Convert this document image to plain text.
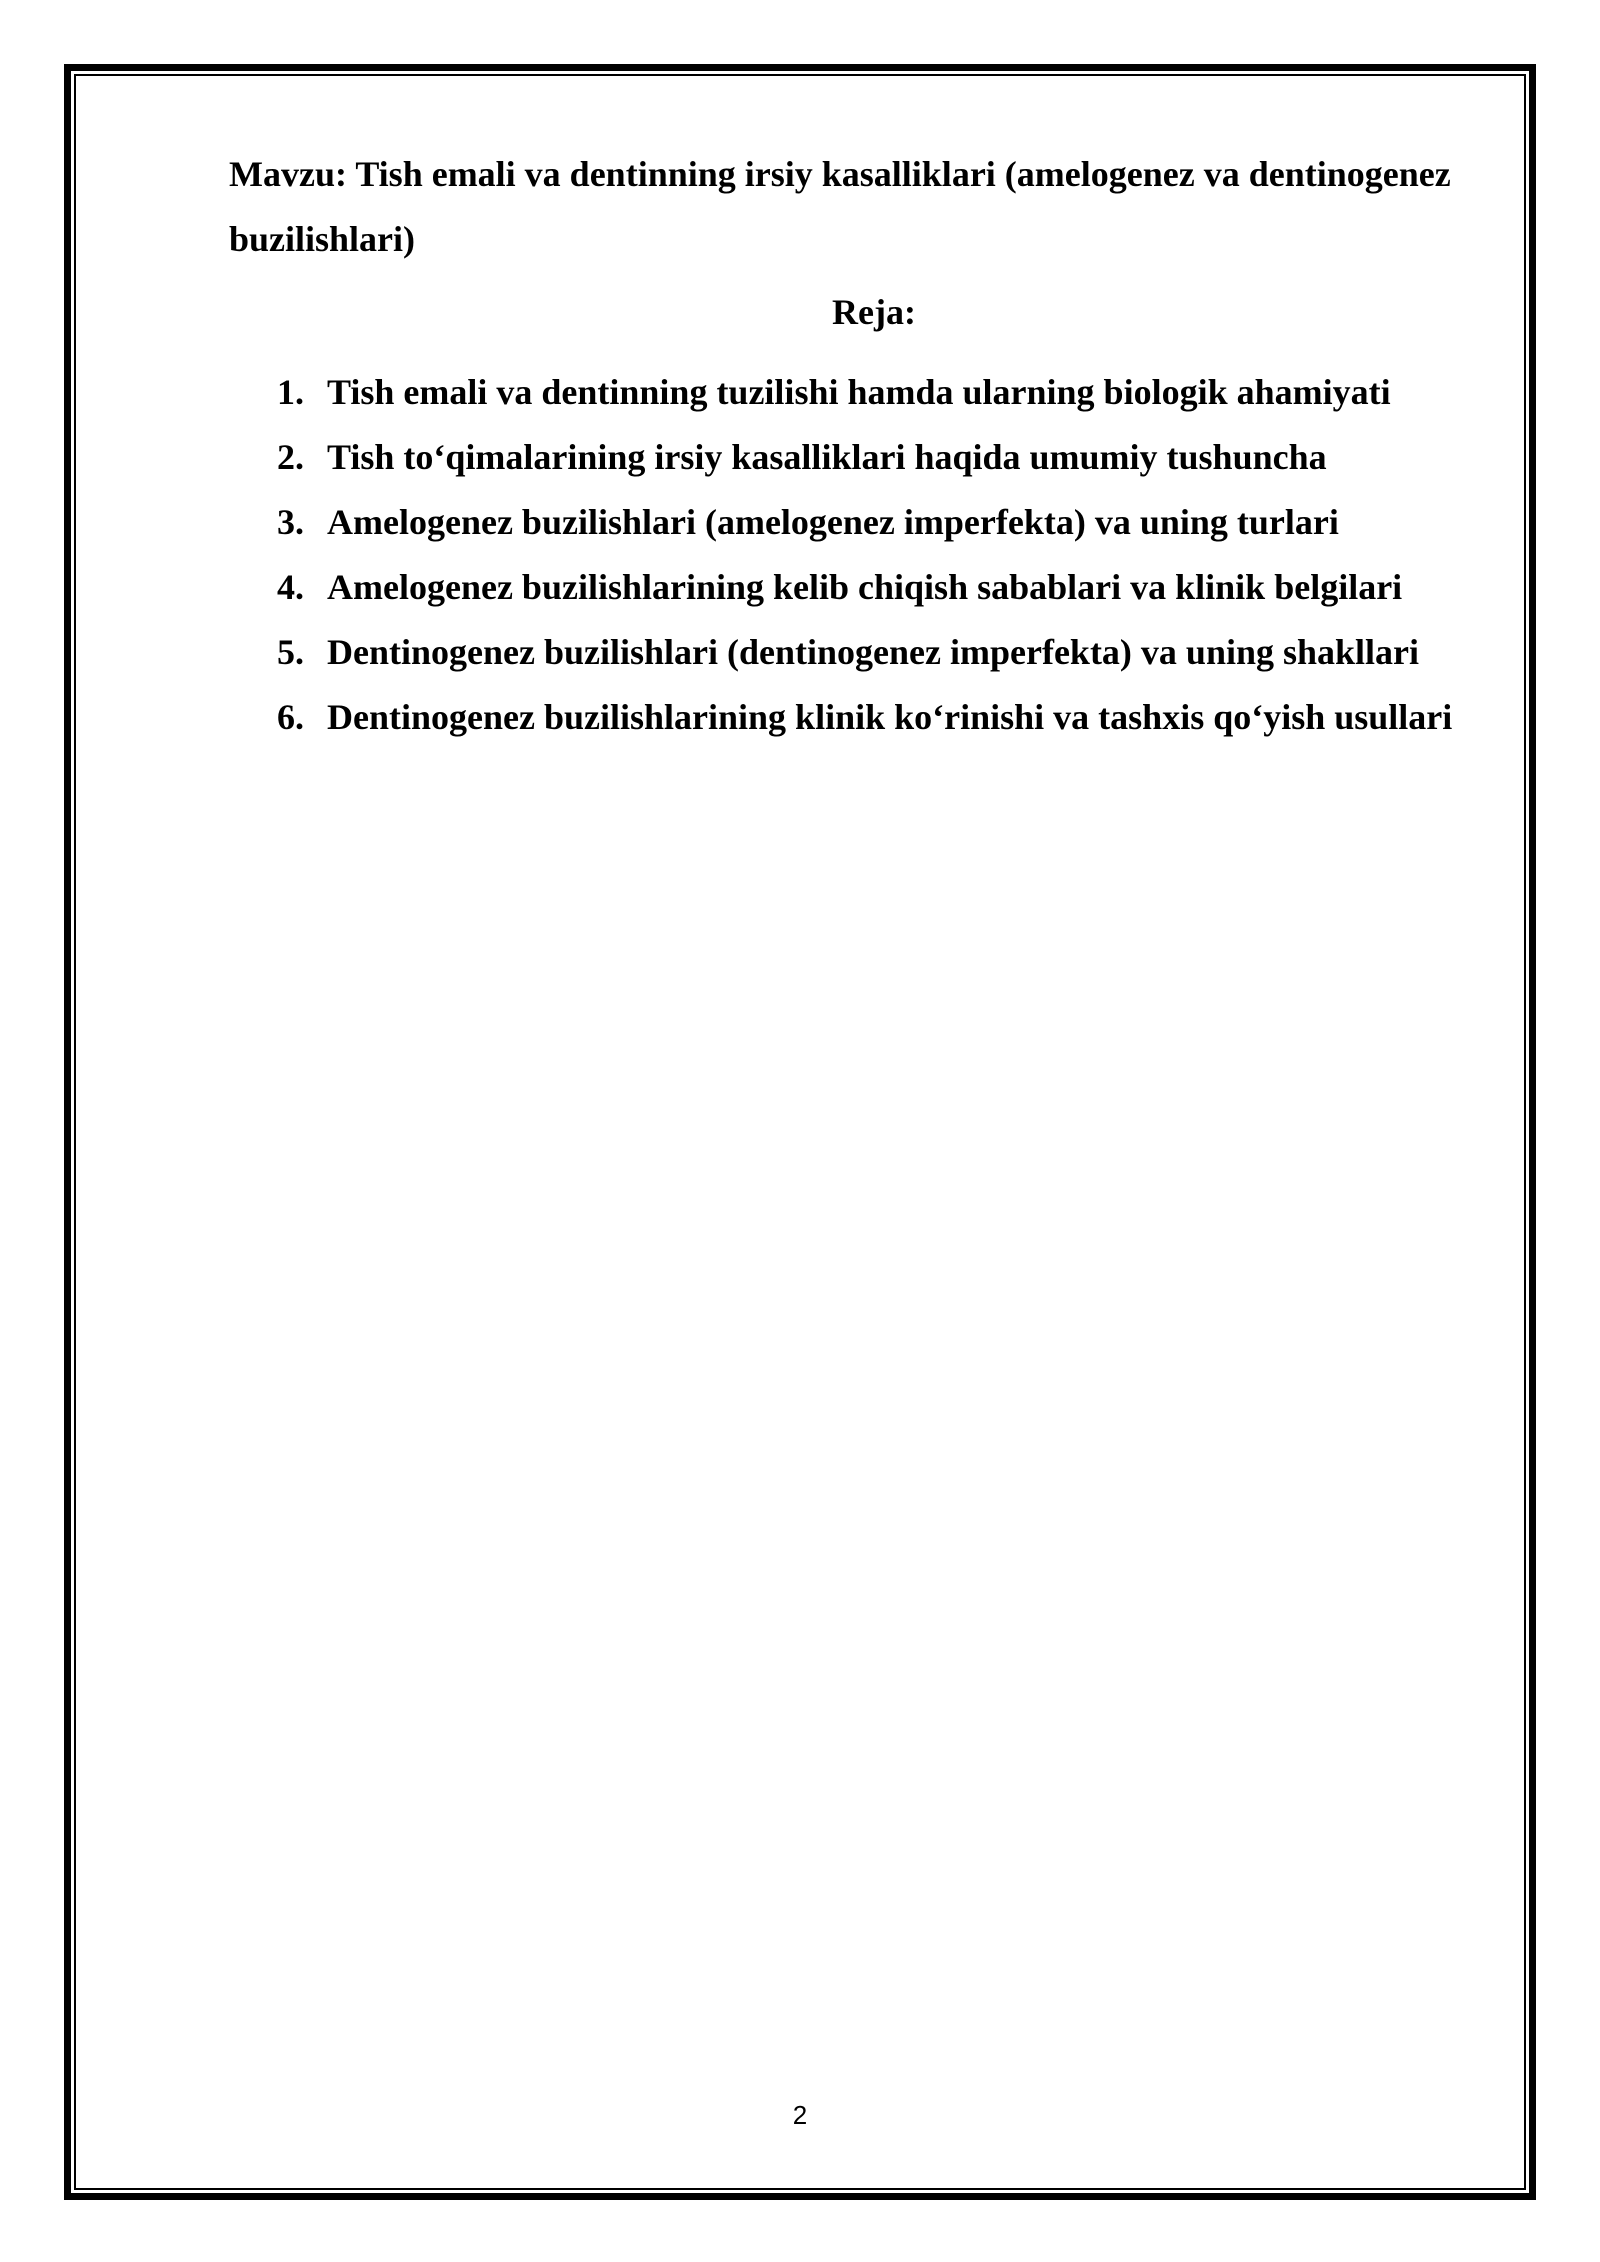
Mavzu: Tish emali va dentinning irsiy kasalliklari (amelogenez va dentinogenez buzilishlari)

Reja:
1. Tish emali va dentinning tuzilishi hamda ularning biologik ahamiyati
2. Tish to‘qimalarining irsiy kasalliklari haqida umumiy tushuncha
3. Amelogenez buzilishlari (amelogenez imperfekta) va uning turlari
4. Amelogenez buzilishlarining kelib chiqish sabablari va klinik belgilari
5. Dentinogenez buzilishlari (dentinogenez imperfekta) va uning shakllari
6. Dentinogenez buzilishlarining klinik ko‘rinishi va tashxis qo‘yish usullari
2
